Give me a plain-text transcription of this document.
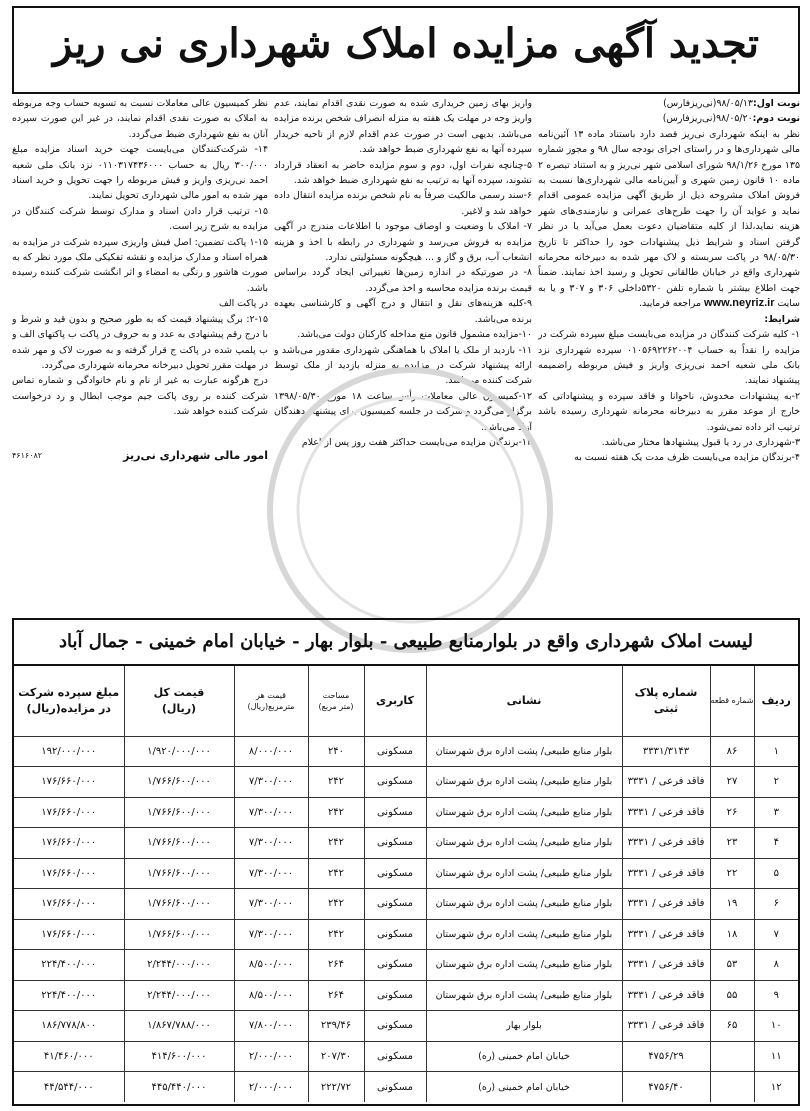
تجدید آگهی مزایده املاک شهرداری نی ریز

نوبت اول:۹۸/۰۵/۱۳(نی‌ریزفارس)

نوبت دوم:۹۸/۰۵/۲۰(نی‌ریزفارس)

نظر به اینکه شهرداری نی‌ریز قصد دارد باستناد ماده ۱۳ آئین‌نامه مالی شهرداری‌ها و در راستای اجرای بودجه سال ۹۸ و مجوز شماره ۱۳۵ مورخ ۹۸/۱/۲۶ شورای اسلامی شهر نی‌ریز و به استناد تبصره ۲ ماده ۱۰ قانون زمین شهری و آیین‌نامه مالی شهرداری‌ها نسبت به فروش املاک مشروحه ذیل از طریق آگهی مزایده عمومی اقدام نماید و عواید آن را جهت طرح‌های عمرانی و نیازمندی‌های شهر هزینه نماید،لذا از کلیه متقاضیان دعوت بعمل می‌آید با در نظر گرفتن اسناد و شرایط ذیل پیشنهادات خود را حداکثر تا تاریخ ۹۸/۰۵/۳۰ در پاکت سربسته و لاک مهر شده به دبیرخانه محرمانه شهرداری واقع در خیابان طالقانی تحویل و رسید اخذ نمایند. ضمناً جهت اطلاع بیشتر با شماره تلفن ۵۳۲۰داخلی ۳۰۶ و ۳۰۷ و یا به سایت www.neyriz.ir مراجعه فرمایید.

شرایط:

۱- کلیه شرکت کنندگان در مزایده می‌بایست مبلغ سپرده شرکت در مزایده را نقداً به حساب ۰۱۰۵۶۹۲۲۶۲۰۰۴ سپرده شهرداری نزد بانک ملی شعبه احمد نی‌ریزی واریز و فیش مربوطه راضمیمه پیشنهاد نمایند.

۲-به پیشنهادات مخدوش، ناخوانا و فاقد سپرده و پیشنهاداتی که خارج از موعد مقرر به دبیرخانه محرمانه شهرداری رسیده باشد ترتیب اثر داده نمی‌شود.

۳-شهرداری در رد یا قبول پیشنهادها مختار می‌باشد.

۴-برندگان مزایده می‌بایست ظرف مدت یک هفته نسبت به

واریز بهای زمین خریداری شده به صورت نقدی اقدام نمایند، عدم واریز وجه در مهلت یک هفته به منزله انصراف شخص برنده مزایده می‌باشد. بدیهی است در صورت عدم اقدام لازم از ناحیه خریدار سپرده آنها به نفع شهرداری ضبط خواهد شد.

۵-چنانچه نفرات اول، دوم و سوم مزایده حاضر به انعقاد قرارداد نشوند، سپرده آنها به ترتیب به نفع شهرداری ضبط خواهد شد.

۶-سند رسمی مالکیت صرفاً به نام شخص برنده مزایده انتقال داده خواهد شد و لاغیر.

۷- املاک با وضعیت و اوصاف موجود با اطلاعات مندرج در آگهی مزایده به فروش می‌رسد و شهرداری در رابطه با اخذ و هزینه انشعاب آب، برق و گاز و ... هیچگونه مسئولیتی ندارد.

۸- در صورتیکه در اندازه زمین‌ها تغییراتی ایجاد گردد براساس قیمت برنده مزایده محاسبه و اخذ می‌گردد.

۹-کلیه هزینه‌های نقل و انتقال و درج آگهی و کارشناسی بعهده برنده می‌باشد.

۱۰-مزایده مشمول قانون منع مداخله کارکنان دولت می‌باشد.

۱۱- بازدید از ملک یا املاک با هماهنگی شهرداری مقدور می‌باشد و ارائه پیشنهاد شرکت در مزایده به منزله بازدید از ملک توسط شرکت کننده می‌باشد.

۱۲-کمیسیون عالی معاملات رأس ساعت ۱۸ مورخ ۱۳۹۸/۰۵/۳۰ برگزار می‌گردد و شرکت در جلسه کمیسیون برای پیشنهاد دهندگان آزاد می‌باشد.

۱۳-برندگان مزایده می‌بایست حداکثر هفت روز پس از اعلام

نظر کمیسیون عالی معاملات نسبت به تسویه حساب وجه مربوطه به املاک به صورت نقدی اقدام نمایند، در غیر این صورت سپرده آنان به نفع شهرداری ضبط می‌گردد.

۱۴- شرکت‌کنندگان می‌بایست جهت خرید اسناد مزایده مبلغ ۳۰۰/۰۰۰ ریال به حساب ۰۱۱۰۳۱۷۴۳۶۰۰۰ نزد بانک ملی شعبه احمد نی‌ریزی واریز و فیش مربوطه را جهت تحویل و خرید اسناد مهر شده به امور مالی شهرداری تحویل نمایند.

۱۵- ترتیب قرار دادن اسناد و مدارک توسط شرکت کنندگان در مزایده به شرح زیر است.

۱-۱۵ پاکت تضمین: اصل فیش واریزی سپرده شرکت در مزایده به همراه اسناد و مدارک مزایده و نقشه تفکیکی ملک مورد نظر که به صورت هاشور و رنگی به امضاء و اثر انگشت شرکت کننده رسیده باشد.

در پاکت الف

۲-۱۵: برگ پیشنهاد قیمت که به طور صحیح و بدون قید و شرط و با درج رقم پیشنهادی به عدد و به حروف در پاکت ب پاکتهای الف و ب پلمپ شده در پاکت ج قرار گرفته و به صورت لاک و مهر شده در مهلت مقرر تحویل دبیرخانه محرمانه شهرداری می‌گردد.

درج هرگونه عبارت به غیر از نام و نام خانوادگی و شماره تماس شرکت کننده بر روی پاکت جیم موجب ابطال و رد درخواست شرکت کننده خواهد شد.

امور مالی شهرداری نی‌ریز
۴۶۱۶۰۸۲
لیست املاک شهرداری واقع در بلوارمنابع طبیعی - بلوار بهار - خیابان امام خمینی - جمال آباد
ردیف	شماره قطعه	شماره پلاک ثبتی	نشانی	کاربری	مساحت
(متر مربع)	قیمت هر
مترمربع(ریال)	قیمت کل
(ریال)	مبلغ سپرده شرکت
در مزایده(ریال)
۱	۸۶	۳۳۳۱/۳۱۴۳	بلوار منابع طبیعی/ پشت اداره برق شهرستان	مسکونی	۲۴۰	۸/۰۰۰/۰۰۰	۱/۹۲۰/۰۰۰/۰۰۰	۱۹۲/۰۰۰/۰۰۰
۲	۲۷	فاقد فرعی / ۳۳۳۱	بلوار منابع طبیعی/ پشت اداره برق شهرستان	مسکونی	۲۴۲	۷/۳۰۰/۰۰۰	۱/۷۶۶/۶۰۰/۰۰۰	۱۷۶/۶۶۰/۰۰۰
۳	۲۶	فاقد فرعی / ۳۳۳۱	بلوار منابع طبیعی/ پشت اداره برق شهرستان	مسکونی	۲۴۲	۷/۳۰۰/۰۰۰	۱/۷۶۶/۶۰۰/۰۰۰	۱۷۶/۶۶۰/۰۰۰
۴	۲۳	فاقد فرعی / ۳۳۳۱	بلوار منابع طبیعی/ پشت اداره برق شهرستان	مسکونی	۲۴۲	۷/۳۰۰/۰۰۰	۱/۷۶۶/۶۰۰/۰۰۰	۱۷۶/۶۶۰/۰۰۰
۵	۲۲	فاقد فرعی / ۳۳۳۱	بلوار منابع طبیعی/ پشت اداره برق شهرستان	مسکونی	۲۴۲	۷/۳۰۰/۰۰۰	۱/۷۶۶/۶۰۰/۰۰۰	۱۷۶/۶۶۰/۰۰۰
۶	۱۹	فاقد فرعی / ۳۳۳۱	بلوار منابع طبیعی/ پشت اداره برق شهرستان	مسکونی	۲۴۲	۷/۳۰۰/۰۰۰	۱/۷۶۶/۶۰۰/۰۰۰	۱۷۶/۶۶۰/۰۰۰
۷	۱۸	فاقد فرعی / ۳۳۳۱	بلوار منابع طبیعی/ پشت اداره برق شهرستان	مسکونی	۲۴۲	۷/۳۰۰/۰۰۰	۱/۷۶۶/۶۰۰/۰۰۰	۱۷۶/۶۶۰/۰۰۰
۸	۵۳	فاقد فرعی / ۳۳۳۱	بلوار منابع طبیعی/ پشت اداره برق شهرستان	مسکونی	۲۶۴	۸/۵۰۰/۰۰۰	۲/۲۴۴/۰۰۰/۰۰۰	۲۲۴/۴۰۰/۰۰۰
۹	۵۵	فاقد فرعی / ۳۳۳۱	بلوار منابع طبیعی/ پشت اداره برق شهرستان	مسکونی	۲۶۴	۸/۵۰۰/۰۰۰	۲/۲۴۴/۰۰۰/۰۰۰	۲۲۴/۴۰۰/۰۰۰
۱۰	۶۵	فاقد فرعی / ۳۳۳۱	بلوار بهار	مسکونی	۲۳۹/۴۶	۷/۸۰۰/۰۰۰	۱/۸۶۷/۷۸۸/۰۰۰	۱۸۶/۷۷۸/۸۰۰
۱۱		۴۷۵۶/۲۹	خیابان امام خمینی (ره)	مسکونی	۲۰۷/۳۰	۲/۰۰۰/۰۰۰	۴۱۴/۶۰۰/۰۰۰	۴۱/۴۶۰/۰۰۰
۱۲		۴۷۵۶/۴۰	خیابان امام خمینی (ره)	مسکونی	۲۲۲/۷۲	۲/۰۰۰/۰۰۰	۴۴۵/۴۴۰/۰۰۰	۴۴/۵۴۴/۰۰۰
